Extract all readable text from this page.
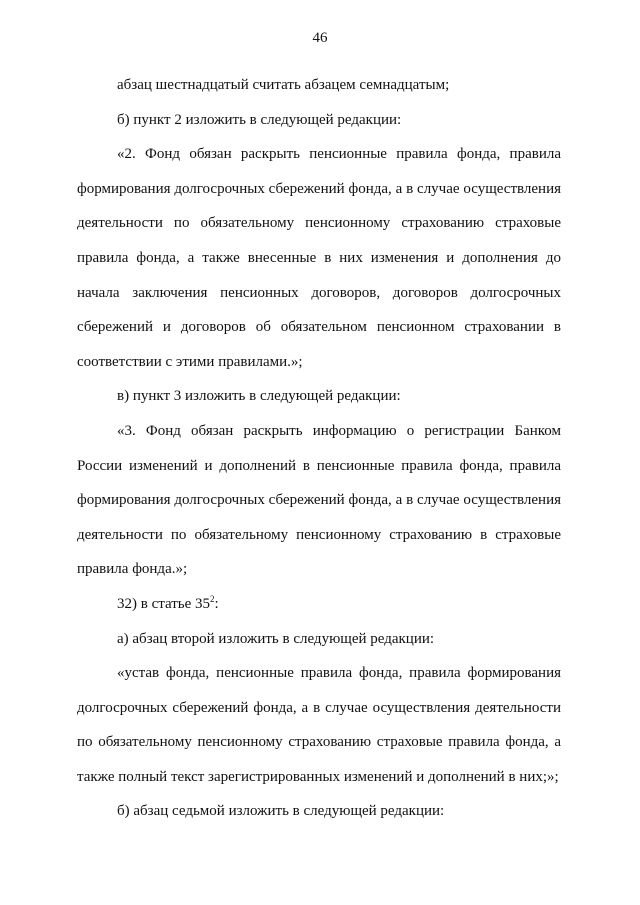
46

абзац шестнадцатый считать абзацем семнадцатым;

б) пункт 2 изложить в следующей редакции:

«2. Фонд обязан раскрыть пенсионные правила фонда, правила формирования долгосрочных сбережений фонда, а в случае осуществления деятельности по обязательному пенсионному страхованию страховые правила фонда, а также внесенные в них изменения и дополнения до начала заключения пенсионных договоров, договоров долгосрочных сбережений и договоров об обязательном пенсионном страховании в соответствии с этими правилами.»;

в) пункт 3 изложить в следующей редакции:

«3. Фонд обязан раскрыть информацию о регистрации Банком России изменений и дополнений в пенсионные правила фонда, правила формирования долгосрочных сбережений фонда, а в случае осуществления деятельности по обязательному пенсионному страхованию в страховые правила фонда.»;

32) в статье $35^2$:

а) абзац второй изложить в следующей редакции:

«устав фонда, пенсионные правила фонда, правила формирования долгосрочных сбережений фонда, а в случае осуществления деятельности по обязательному пенсионному страхованию страховые правила фонда, а также полный текст зарегистрированных изменений и дополнений в них;»;

б) абзац седьмой изложить в следующей редакции:
